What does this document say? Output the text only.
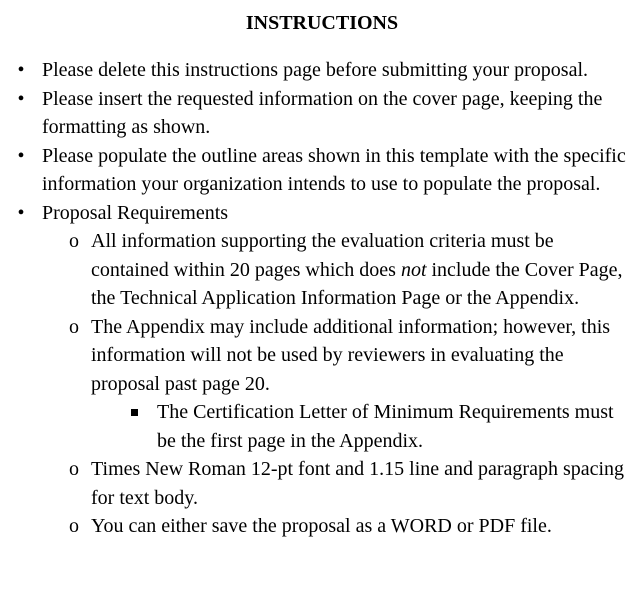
INSTRUCTIONS
• Please delete this instructions page before submitting your proposal.
• Please insert the requested information on the cover page, keeping the formatting as shown.
• Please populate the outline areas shown in this template with the specific information your organization intends to use to populate the proposal.
• Proposal Requirements
o All information supporting the evaluation criteria must be contained within 20 pages which does not include the Cover Page, the Technical Application Information Page or the Appendix.
o The Appendix may include additional information; however, this information will not be used by reviewers in evaluating the proposal past page 20.
The Certification Letter of Minimum Requirements must be the first page in the Appendix.
o Times New Roman 12-pt font and 1.15 line and paragraph spacing for text body.
o You can either save the proposal as a WORD or PDF file.
